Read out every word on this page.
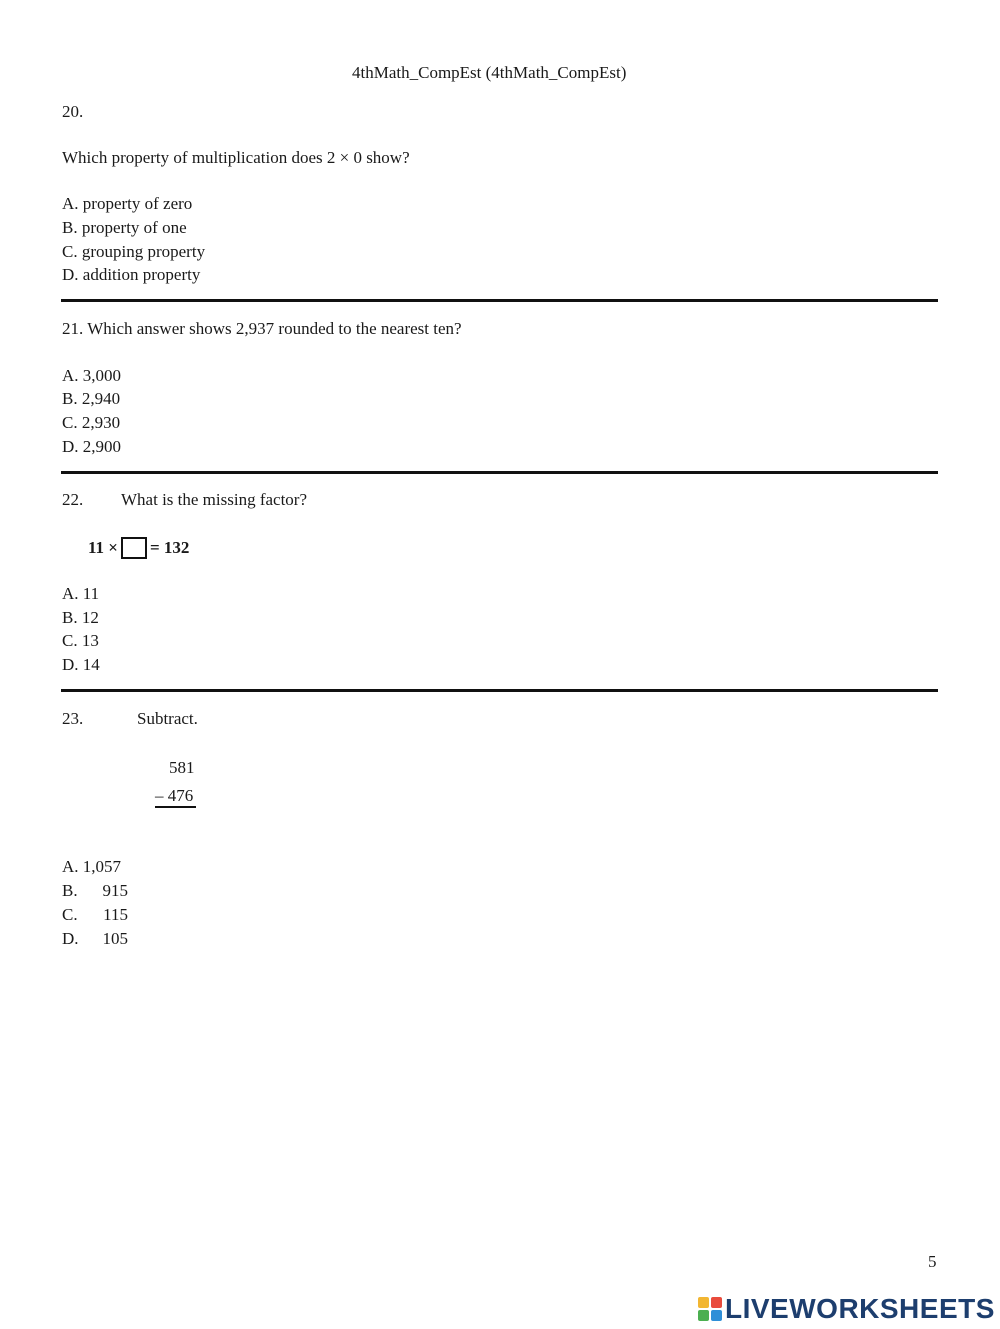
4thMath_CompEst (4thMath_CompEst)
20.
Which property of multiplication does 2 × 0 show?
A. property of zero
B. property of one
C. grouping property
D. addition property
21. Which answer shows 2,937 rounded to the nearest ten?
A. 3,000
B. 2,940
C. 2,930
D. 2,900
22. What is the missing factor?
11 × = 132
A. 11
B. 12
C. 13
D. 14
23.	Subtract.
581
– 476
A. 1,057
B. 915
C. 115
D. 105
5
LIVEWORKSHEETS
